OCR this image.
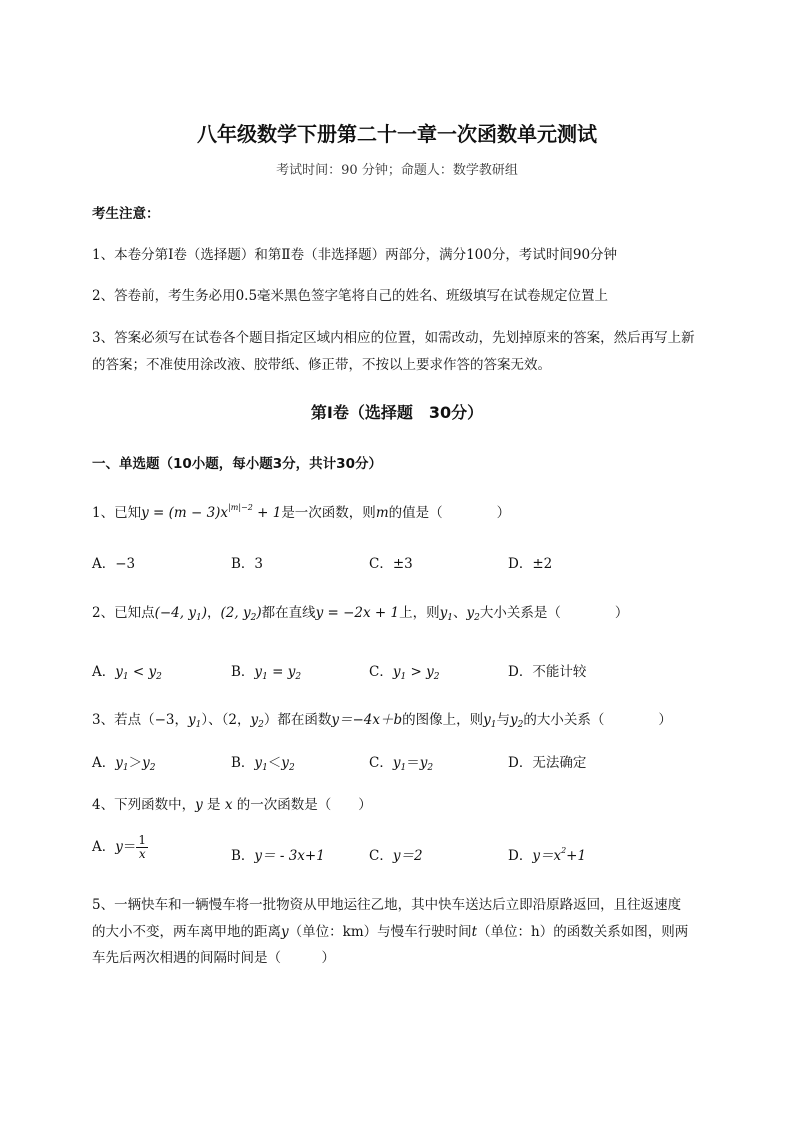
八年级数学下册第二十一章一次函数单元测试
考试时间：90 分钟；命题人：数学教研组
考生注意：
1、本卷分第Ⅰ卷（选择题）和第Ⅱ卷（非选择题）两部分，满分100分，考试时间90分钟
2、答卷前，考生务必用0.5毫米黑色签字笔将自己的姓名、班级填写在试卷规定位置上
3、答案必须写在试卷各个题目指定区域内相应的位置，如需改动，先划掉原来的答案，然后再写上新
的答案；不准使用涂改液、胶带纸、修正带，不按以上要求作答的答案无效。
第Ⅰ卷（选择题　30分）
一、单选题（10小题，每小题3分，共计30分）
1、已知$y = (m - 3)x^{|m|-2} + 1$是一次函数，则m的值是（　　　　）
A．−3	B．3	C．±3	D．±2
2、已知点(−4, $y_1$)，(2, $y_2$)都在直线y = −2x + 1上，则$y_1$、$y_2$大小关系是（　　　　）
A．$y_1 < y_2$	B．$y_1 = y_2$	C．$y_1 > y_2$	D．不能计较
3、若点（−3，$y_1$）、（2，$y_2$）都在函数y＝−4x＋b的图像上，则$y_1$与$y_2$的大小关系（　　　　）
A．$y_1>y_2$	B．$y_1<y_2$	C．$y_1=y_2$	D．无法确定
4、下列函数中，y 是 x 的一次函数是（　　）
A．$y= \frac{1}{x}$	B．y＝ - 3x+1	C．y＝2	D．$y=x^2+1$
5、一辆快车和一辆慢车将一批物资从甲地运往乙地，其中快车送达后立即沿原路返回，且往返速度
的大小不变，两车离甲地的距离y（单位：km）与慢车行驶时间t（单位：h）的函数关系如图，则两
车先后两次相遇的间隔时间是（　　　）
